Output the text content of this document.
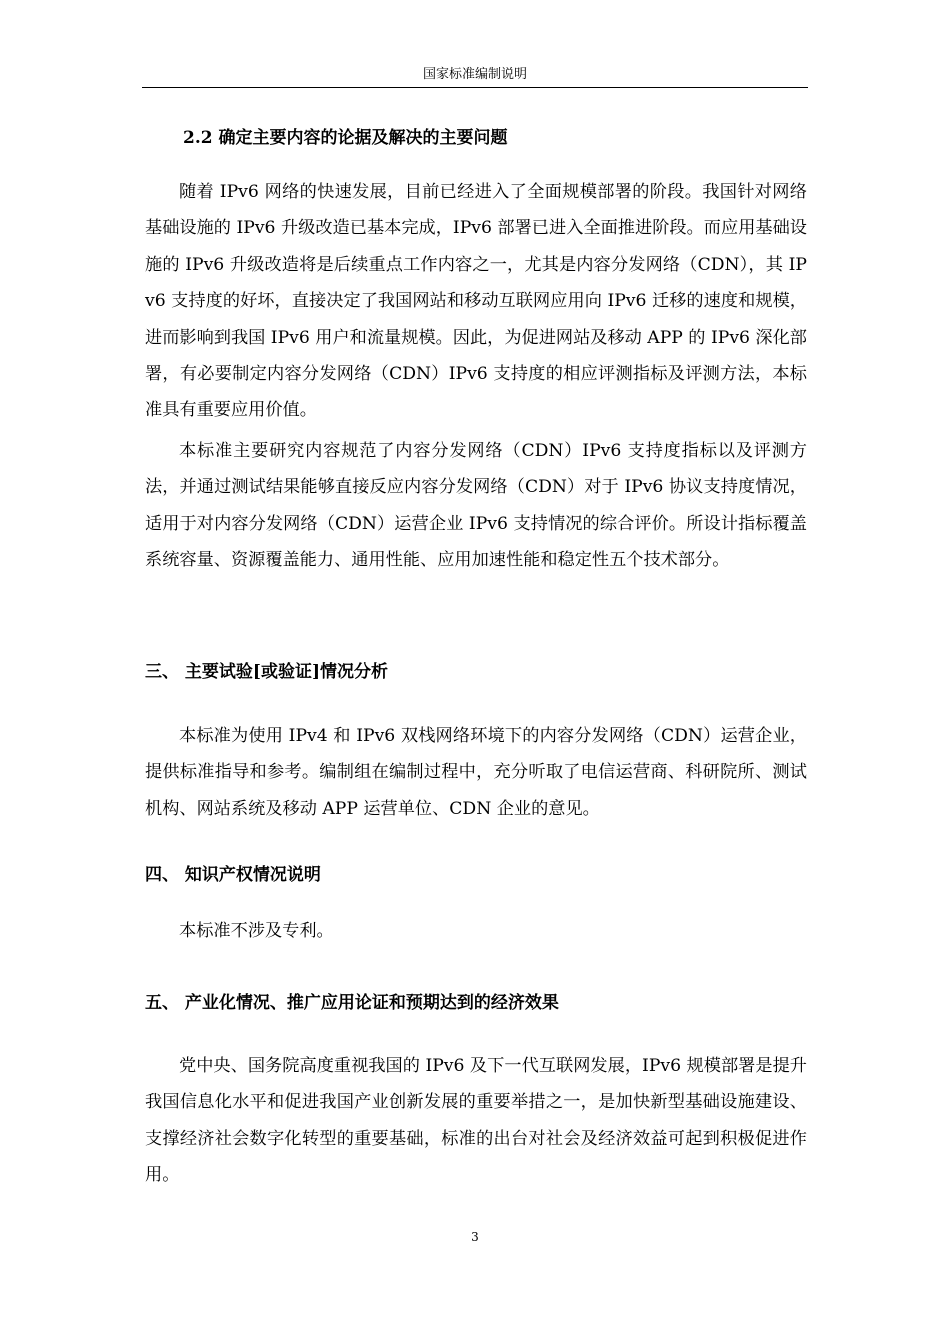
国家标准编制说明
2.2 确定主要内容的论据及解决的主要问题
随着 IPv6 网络的快速发展，目前已经进入了全面规模部署的阶段。我国针对网络基础设施的 IPv6 升级改造已基本完成，IPv6 部署已进入全面推进阶段。而应用基础设施的 IPv6 升级改造将是后续重点工作内容之一，尤其是内容分发网络（CDN），其 IPv6 支持度的好坏，直接决定了我国网站和移动互联网应用向 IPv6 迁移的速度和规模，进而影响到我国 IPv6 用户和流量规模。因此，为促进网站及移动 APP 的 IPv6 深化部署，有必要制定内容分发网络（CDN）IPv6 支持度的相应评测指标及评测方法，本标准具有重要应用价值。
本标准主要研究内容规范了内容分发网络（CDN）IPv6 支持度指标以及评测方法，并通过测试结果能够直接反应内容分发网络（CDN）对于 IPv6 协议支持度情况，适用于对内容分发网络（CDN）运营企业 IPv6 支持情况的综合评价。所设计指标覆盖系统容量、资源覆盖能力、通用性能、应用加速性能和稳定性五个技术部分。
三、 主要试验[或验证]情况分析
本标准为使用 IPv4 和 IPv6 双栈网络环境下的内容分发网络（CDN）运营企业，提供标准指导和参考。编制组在编制过程中，充分听取了电信运营商、科研院所、测试机构、网站系统及移动 APP 运营单位、CDN 企业的意见。
四、 知识产权情况说明
本标准不涉及专利。
五、 产业化情况、推广应用论证和预期达到的经济效果
党中央、国务院高度重视我国的 IPv6 及下一代互联网发展，IPv6 规模部署是提升我国信息化水平和促进我国产业创新发展的重要举措之一，是加快新型基础设施建设、支撑经济社会数字化转型的重要基础，标准的出台对社会及经济效益可起到积极促进作用。
3
